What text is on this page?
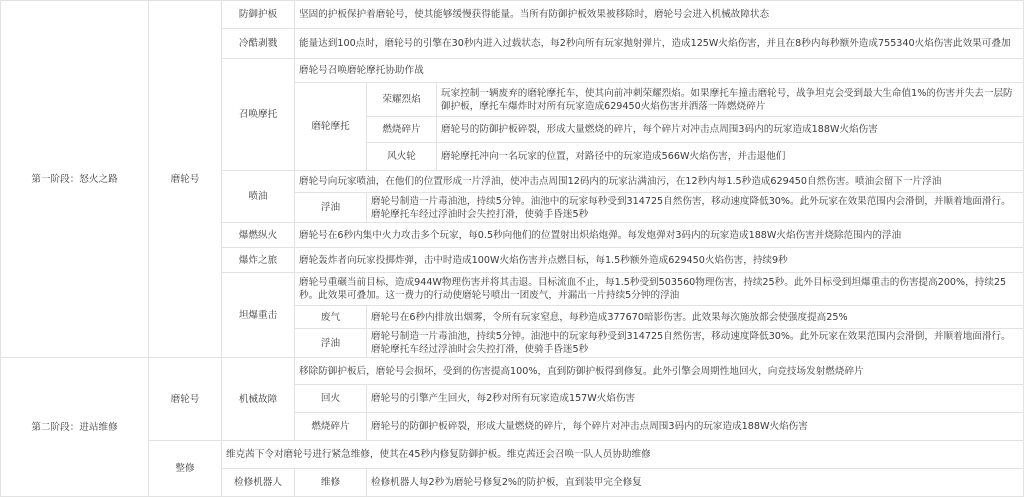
第一阶段：怒火之路	磨轮号	防御护板	坚固的护板保护着磨轮号，使其能够缓慢获得能量。当所有防御护板效果被移除时，磨轮号会进入机械故障状态		
		冷酷剥戮	能量达到100点时，磨轮号的引擎在30秒内进入过载状态，每2秒向所有玩家抛射弹片，造成125W火焰伤害，并且在8秒内每秒额外造成755340火焰伤害此效果可叠加		
		召唤摩托	磨轮号召唤磨轮摩托协助作战		
			磨轮摩托	荣耀烈焰	玩家控制一辆废弃的磨轮摩托车，使其向前冲刺荣耀烈焰。如果摩托车撞击磨轮号，战争坦克会受到最大生命值1%的伤害并失去一层防御护板，摩托车爆炸时对所有玩家造成629450火焰伤害并洒落一阵燃烧碎片
				燃烧碎片	磨轮号的防御护板碎裂，形成大量燃烧的碎片，每个碎片对冲击点周围3码内的玩家造成188W火焰伤害
				风火轮	磨轮摩托冲向一名玩家的位置，对路径中的玩家造成566W火焰伤害，并击退他们
		喷油	磨轮号向玩家喷油，在他们的位置形成一片浮油，使冲击点周围12码内的玩家沾满油污，在12秒内每1.5秒造成629450自然伤害。喷油会留下一片浮油		
			浮油	磨轮号制造一片毒油池，持续5分钟。油池中的玩家每秒受到314725自然伤害，移动速度降低30%。此外玩家在效果范围内会滑倒，并顺着地面滑行。磨轮摩托车经过浮油时会失控打滑，使骑手昏迷5秒	
		爆燃纵火	磨轮号在6秒内集中火力攻击多个玩家，每0.5秒向他们的位置射出炽焰炮弹。每发炮弹对3码内的玩家造成188W火焰伤害并烧除范围内的浮油		
		爆炸之旅	磨轮轰炸者向玩家投掷炸弹，击中时造成100W火焰伤害并点燃目标，每1.5秒额外造成629450火焰伤害，持续9秒		
		坦爆重击	磨轮号重碾当前目标，造成944W物理伤害并将其击退。目标流血不止，每1.5秒受到503560物理伤害，持续25秒。此外目标受到坦爆重击的伤害提高200%，持续25秒。此效果可叠加。这一费力的行动使磨轮号喷出一团废气，并漏出一片持续5分钟的浮油		
			废气	磨轮号在6秒内排放出烟雾，令所有玩家窒息，每秒造成377670暗影伤害。此效果每次施放都会使强度提高25%	
			浮油	磨轮号制造一片毒油池，持续5分钟。油池中的玩家每秒受到314725自然伤害，移动速度降低30%。此外玩家在效果范围内会滑倒，并顺着地面滑行。磨轮摩托车经过浮油时会失控打滑，使骑手昏迷5秒	
第二阶段：进站维修	磨轮号	机械故障	移除防御护板后，磨轮号会损坏，受到的伤害提高100%，直到防御护板得到修复。此外引擎会周期性地回火，向竞技场发射燃烧碎片		
			回火	磨轮号的引擎产生回火，每2秒对所有玩家造成157W火焰伤害	
			燃烧碎片	磨轮号的防御护板碎裂，形成大量燃烧的碎片，每个碎片对冲击点周围3码内的玩家造成188W火焰伤害	
	整修	维克茜下令对磨轮号进行紧急维修，使其在45秒内修复防御护板。维克茜还会召唤一队人员协助维修			
		检修机器人	维修	检修机器人每2秒为磨轮号修复2%的防护板，直到装甲完全修复	
